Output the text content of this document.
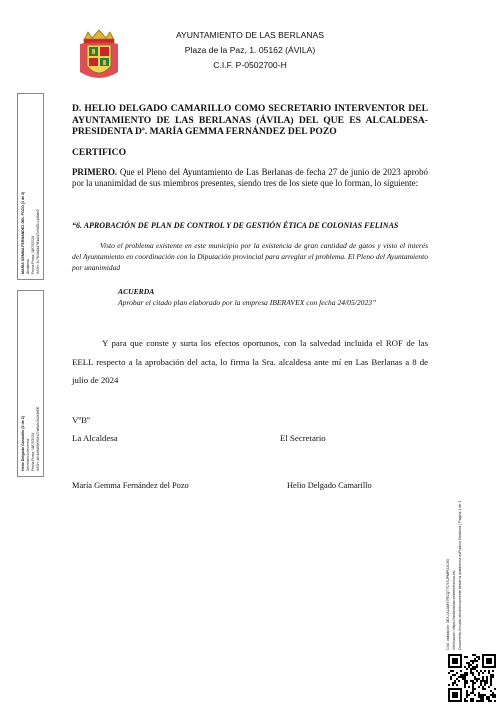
AYUNTAMIENTO DE LAS BERLANAS
Plaza de la Paz, 1. 05162 (ÁVILA)
C.I.F. P-0502700-H
MARIA GEMMA FERNANDEZ DEL POZO (1 de 2) Alcaldesa Fecha Firma: 08/07/2024 HASH: 3c78c0a1dd7f81a1b7e9d52cc1d5afe2
Helio Delgado Camarillo (2 de 2) Secretario Interventor Fecha Firma: 08/07/2024 HASH: a5c1e8d09b3f04427af6d9c5b2e18f30
D. HELIO DELGADO CAMARILLO COMO SECRETARIO INTERVENTOR DEL AYUNTAMIENTO DE LAS BERLANAS (ÁVILA) DEL QUE ES ALCALDESA-PRESIDENTA Dª. MARÍA GEMMA FERNÁNDEZ DEL POZO
CERTIFICO
PRIMERO. Que el Pleno del Ayuntamiento de Las Berlanas de fecha 27 de junio de 2023 aprobó por la unanimidad de sus miembros presentes, siendo tres de los siete que lo forman, lo siguiente:
“6. APROBACIÓN DE PLAN DE CONTROL Y DE GESTIÓN ÉTICA DE COLONIAS FELINAS
Visto el problema existente en este municipio por la existencia de gran cantidad de gatos y visto el interés del Ayuntamiento en coordinación con la Diputación provincial para arreglar el problema. El Pleno del Ayuntamiento por unanimidad
ACUERDA
Aprobar el citado plan elaborado por la empresa IBERAVEX con fecha 24/05/2023”
Y para que conste y surta los efectos oportunos, con la salvedad incluida el ROF de las EELL respecto a la aprobación del acta, lo firma la Sra. alcaldesa ante mí en Las Berlanas a 8 de julio de 2024
VºBº
La Alcaldesa	El Secretario
María Gemma Fernández del Pozo	Helio Delgado Camarillo
Cód. Validación: 3EXJ ALAMY7RCQ77CYSJPMPG2C93 Verificación: https://lasberlanas.sedelectronica.es/ Documento firmado electrónicamente desde la plataforma esPublico Gestiona | Página 1 de 1
